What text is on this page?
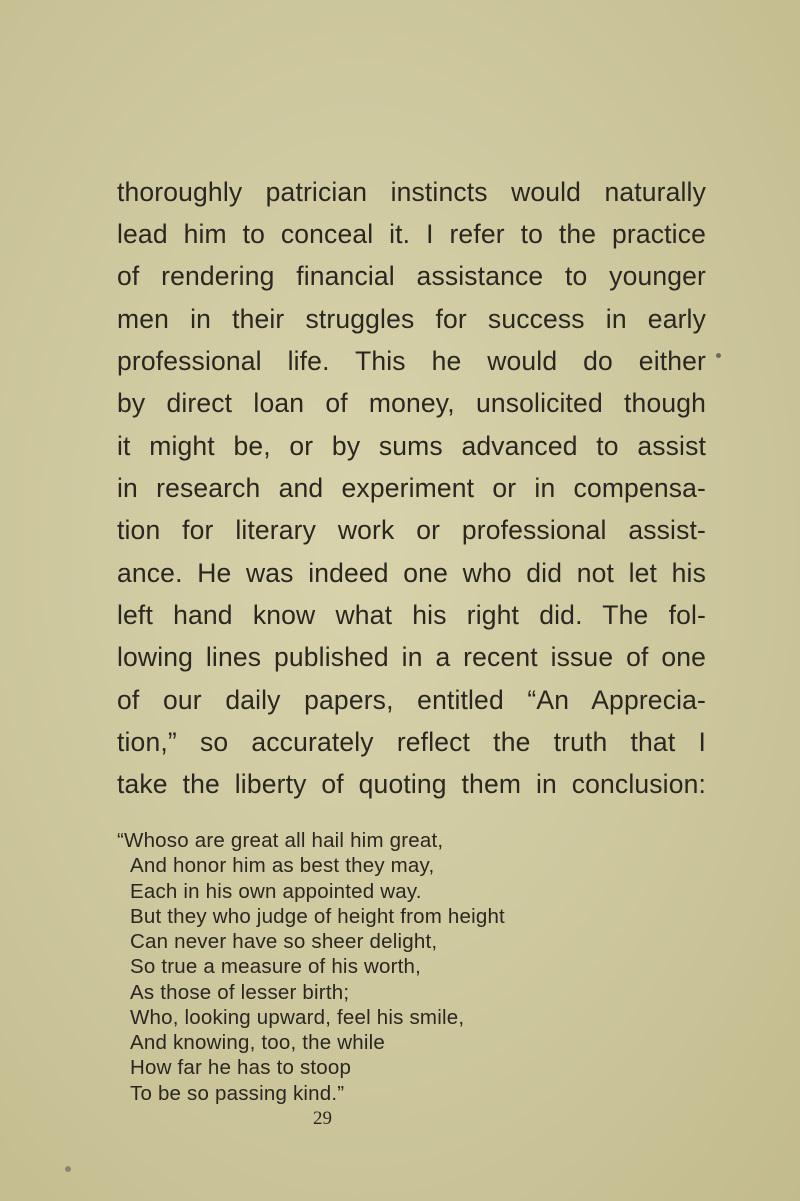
thoroughly patrician instincts would naturally
lead him to conceal it. I refer to the practice
of rendering financial assistance to younger
men in their struggles for success in early
professional life. This he would do either
by direct loan of money, unsolicited though
it might be, or by sums advanced to assist
in research and experiment or in compensa-
tion for literary work or professional assist-
ance. He was indeed one who did not let his
left hand know what his right did. The fol-
lowing lines published in a recent issue of one
of our daily papers, entitled “An Apprecia-
tion,” so accurately reflect the truth that I
take the liberty of quoting them in conclusion:
“Whoso are great all hail him great,
And honor him as best they may,
Each in his own appointed way.
But they who judge of height from height
Can never have so sheer delight,
So true a measure of his worth,
As those of lesser birth;
Who, looking upward, feel his smile,
And knowing, too, the while
How far he has to stoop
To be so passing kind.”
29
